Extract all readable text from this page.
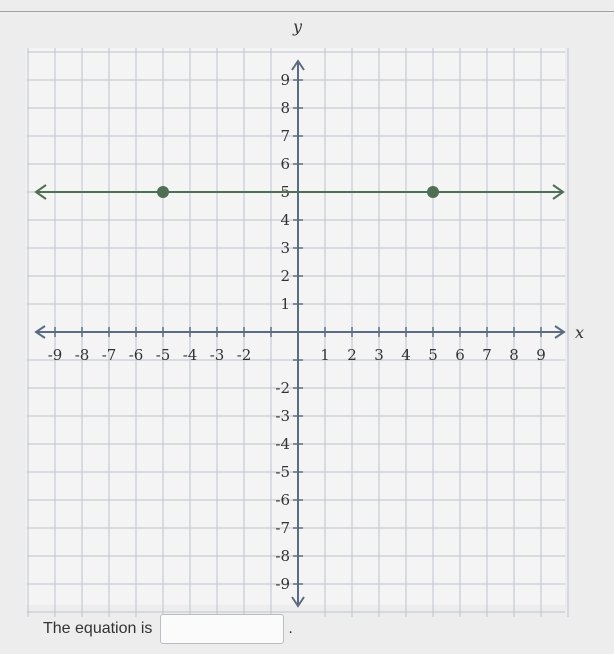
-9 -8 -7 -6 -5 -4 -3 -2	1 2 3 4 5 6 7 8 9
9
8
7
6
5
4
3
2
1
-2
-3
-4
-5
-6
-7
-8
-9
x
y
The equation is	.
